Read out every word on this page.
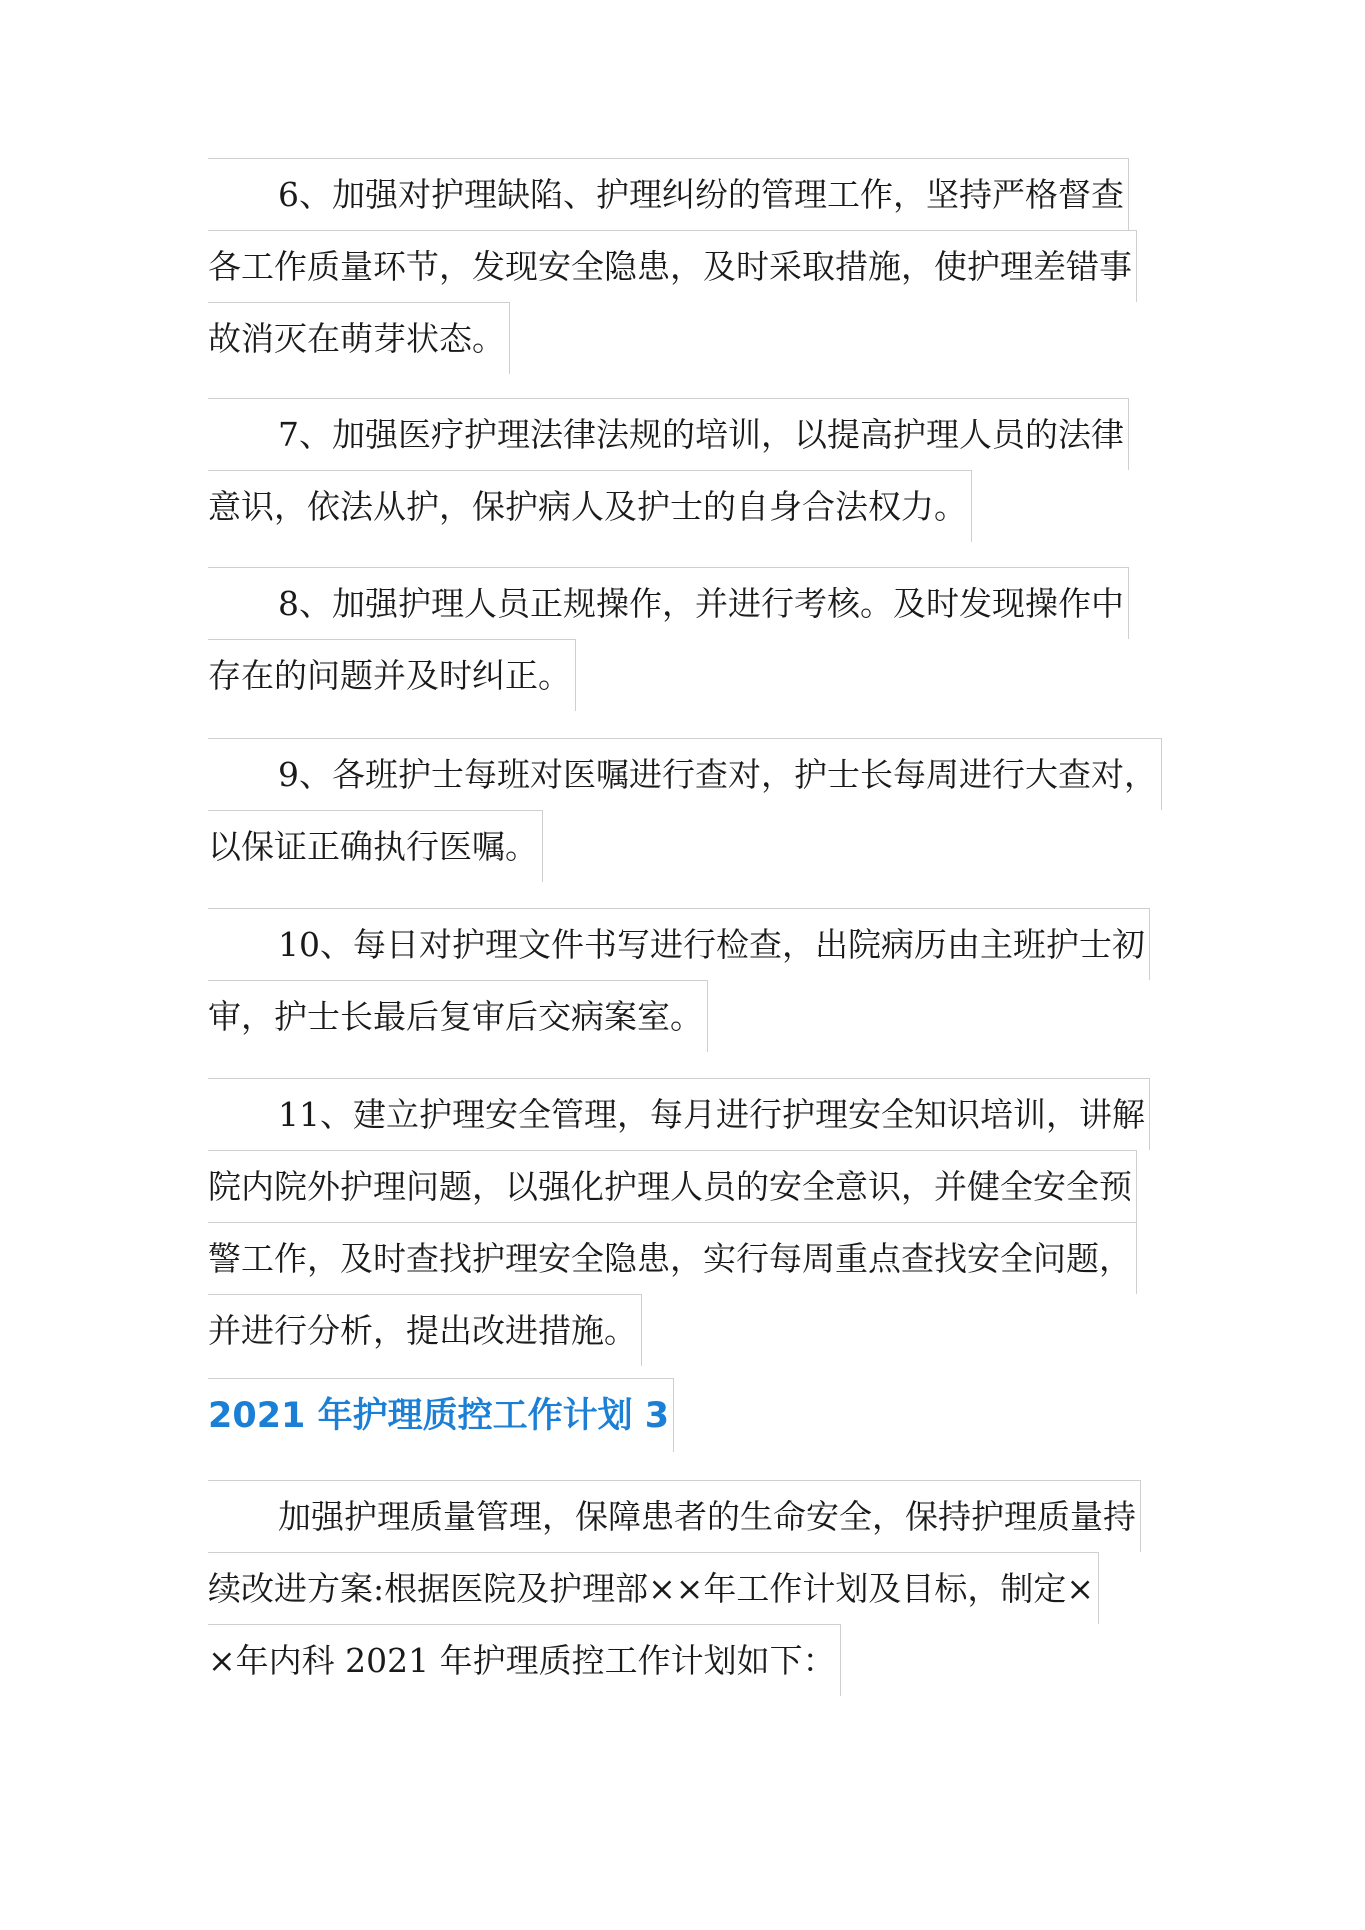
6、加强对护理缺陷、护理纠纷的管理工作，坚持严格督查
各工作质量环节，发现安全隐患，及时采取措施，使护理差错事
故消灭在萌芽状态。
7、加强医疗护理法律法规的培训，以提高护理人员的法律
意识，依法从护，保护病人及护士的自身合法权力。
8、加强护理人员正规操作，并进行考核。及时发现操作中
存在的问题并及时纠正。
9、各班护士每班对医嘱进行查对，护士长每周进行大查对，
以保证正确执行医嘱。
10、每日对护理文件书写进行检查，出院病历由主班护士初
审，护士长最后复审后交病案室。
11、建立护理安全管理，每月进行护理安全知识培训，讲解
院内院外护理问题，以强化护理人员的安全意识，并健全安全预
警工作，及时查找护理安全隐患，实行每周重点查找安全问题，
并进行分析，提出改进措施。
2021 年护理质控工作计划 3
加强护理质量管理，保障患者的生命安全，保持护理质量持
续改进方案:根据医院及护理部××年工作计划及目标，制定×
×年内科 2021 年护理质控工作计划如下：
